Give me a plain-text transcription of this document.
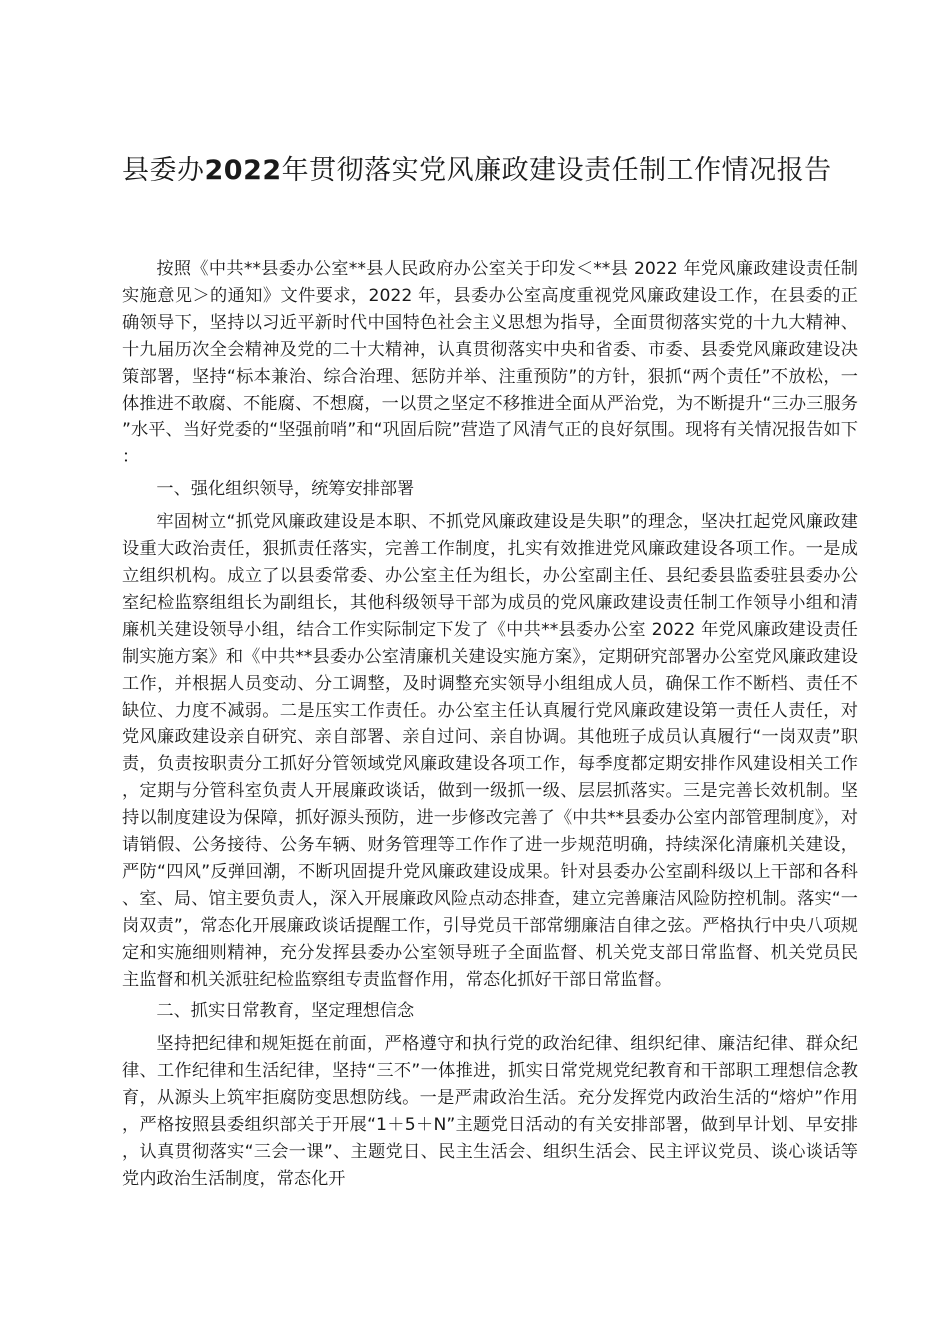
县委办2022年贯彻落实党风廉政建设责任制工作情况报告

按照《中共**县委办公室**县人民政府办公室关于印发＜**县 2022 年党风廉政建设责任制实施意见＞的通知》文件要求，2022 年，县委办公室高度重视党风廉政建设工作，在县委的正确领导下，坚持以习近平新时代中国特色社会主义思想为指导，全面贯彻落实党的十九大精神、十九届历次全会精神及党的二十大精神，认真贯彻落实中央和省委、市委、县委党风廉政建设决策部署，坚持“标本兼治、综合治理、惩防并举、注重预防”的方针，狠抓“两个责任”不放松，一体推进不敢腐、不能腐、不想腐，一以贯之坚定不移推进全面从严治党，为不断提升“三办三服务”水平、当好党委的“坚强前哨”和“巩固后院”营造了风清气正的良好氛围。现将有关情况报告如下：

一、强化组织领导，统筹安排部署

牢固树立“抓党风廉政建设是本职、不抓党风廉政建设是失职”的理念，坚决扛起党风廉政建设重大政治责任，狠抓责任落实，完善工作制度，扎实有效推进党风廉政建设各项工作。一是成立组织机构。成立了以县委常委、办公室主任为组长，办公室副主任、县纪委县监委驻县委办公室纪检监察组组长为副组长，其他科级领导干部为成员的党风廉政建设责任制工作领导小组和清廉机关建设领导小组，结合工作实际制定下发了《中共**县委办公室 2022 年党风廉政建设责任制实施方案》和《中共**县委办公室清廉机关建设实施方案》，定期研究部署办公室党风廉政建设工作，并根据人员变动、分工调整，及时调整充实领导小组组成人员，确保工作不断档、责任不缺位、力度不减弱。二是压实工作责任。办公室主任认真履行党风廉政建设第一责任人责任，对党风廉政建设亲自研究、亲自部署、亲自过问、亲自协调。其他班子成员认真履行“一岗双责”职责，负责按职责分工抓好分管领域党风廉政建设各项工作，每季度都定期安排作风建设相关工作，定期与分管科室负责人开展廉政谈话，做到一级抓一级、层层抓落实。三是完善长效机制。坚持以制度建设为保障，抓好源头预防，进一步修改完善了《中共**县委办公室内部管理制度》，对请销假、公务接待、公务车辆、财务管理等工作作了进一步规范明确，持续深化清廉机关建设，严防“四风”反弹回潮，不断巩固提升党风廉政建设成果。针对县委办公室副科级以上干部和各科、室、局、馆主要负责人，深入开展廉政风险点动态排查，建立完善廉洁风险防控机制。落实“一岗双责”，常态化开展廉政谈话提醒工作，引导党员干部常绷廉洁自律之弦。严格执行中央八项规定和实施细则精神，充分发挥县委办公室领导班子全面监督、机关党支部日常监督、机关党员民主监督和机关派驻纪检监察组专责监督作用，常态化抓好干部日常监督。

二、抓实日常教育，坚定理想信念

坚持把纪律和规矩挺在前面，严格遵守和执行党的政治纪律、组织纪律、廉洁纪律、群众纪律、工作纪律和生活纪律，坚持“三不”一体推进，抓实日常党规党纪教育和干部职工理想信念教育，从源头上筑牢拒腐防变思想防线。一是严肃政治生活。充分发挥党内政治生活的“熔炉”作用，严格按照县委组织部关于开展“1＋5＋N”主题党日活动的有关安排部署，做到早计划、早安排，认真贯彻落实“三会一课”、主题党日、民主生活会、组织生活会、民主评议党员、谈心谈话等党内政治生活制度，常态化开
